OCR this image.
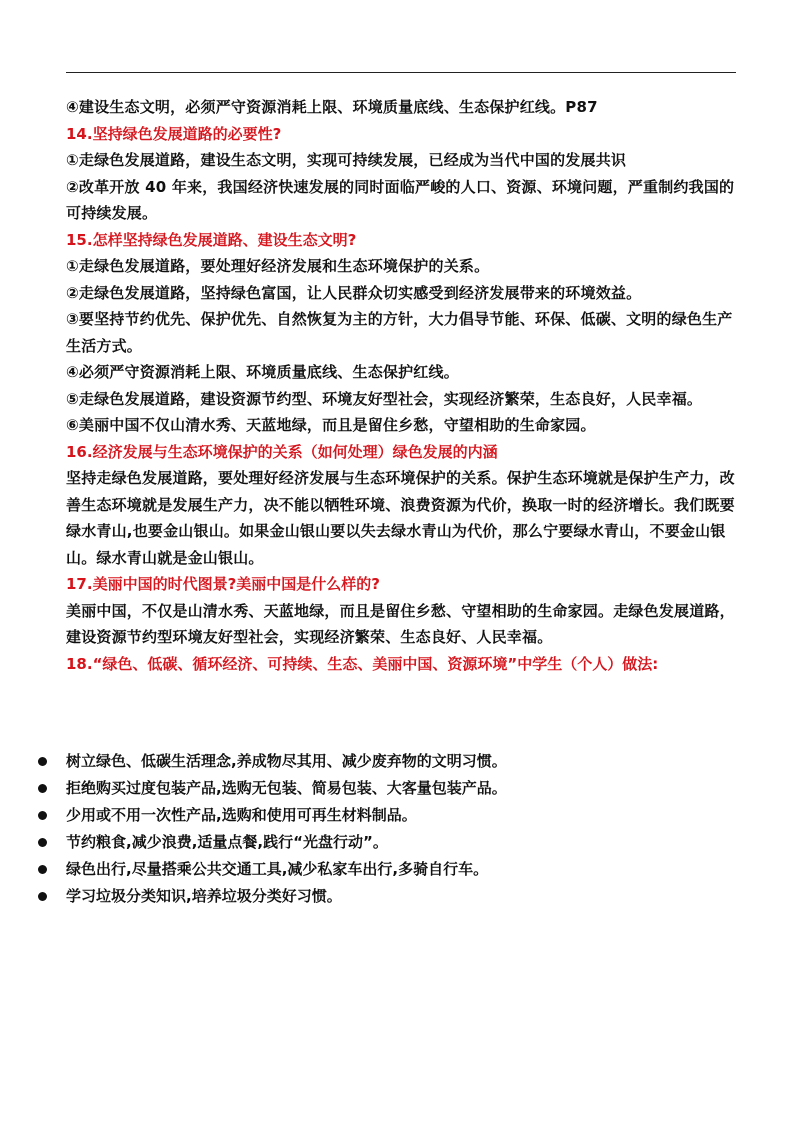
④建设生态文明，必须严守资源消耗上限、环境质量底线、生态保护红线。P87
14.坚持绿色发展道路的必要性?
①走绿色发展道路，建设生态文明，实现可持续发展，已经成为当代中国的发展共识
②改革开放 40 年来，我国经济快速发展的同时面临严峻的人口、资源、环境问题，严重制约我国的可持续发展。
15.怎样坚持绿色发展道路、建设生态文明?
①走绿色发展道路，要处理好经济发展和生态环境保护的关系。
②走绿色发展道路，坚持绿色富国，让人民群众切实感受到经济发展带来的环境效益。
③要坚持节约优先、保护优先、自然恢复为主的方针，大力倡导节能、环保、低碳、文明的绿色生产生活方式。
④必须严守资源消耗上限、环境质量底线、生态保护红线。
⑤走绿色发展道路，建设资源节约型、环境友好型社会，实现经济繁荣，生态良好，人民幸福。
⑥美丽中国不仅山清水秀、天蓝地绿，而且是留住乡愁，守望相助的生命家园。
16.经济发展与生态环境保护的关系（如何处理）绿色发展的内涵
坚持走绿色发展道路，要处理好经济发展与生态环境保护的关系。保护生态环境就是保护生产力，改善生态环境就是发展生产力，决不能以牺牲环境、浪费资源为代价，换取一时的经济增长。我们既要绿水青山,也要金山银山。如果金山银山要以失去绿水青山为代价，那么宁要绿水青山，不要金山银山。绿水青山就是金山银山。
17.美丽中国的时代图景?美丽中国是什么样的?
美丽中国，不仅是山清水秀、天蓝地绿，而且是留住乡愁、守望相助的生命家园。走绿色发展道路，建设资源节约型环境友好型社会，实现经济繁荣、生态良好、人民幸福。
18.“绿色、低碳、循环经济、可持续、生态、美丽中国、资源环境”中学生（个人）做法:
树立绿色、低碳生活理念,养成物尽其用、减少废弃物的文明习惯。
拒绝购买过度包装产品,选购无包装、简易包装、大客量包装产品。
少用或不用一次性产品,选购和使用可再生材料制品。
节约粮食,减少浪费,适量点餐,践行“光盘行动”。
绿色出行,尽量搭乘公共交通工具,减少私家车出行,多骑自行车。
学习垃圾分类知识,培养垃圾分类好习惯。
